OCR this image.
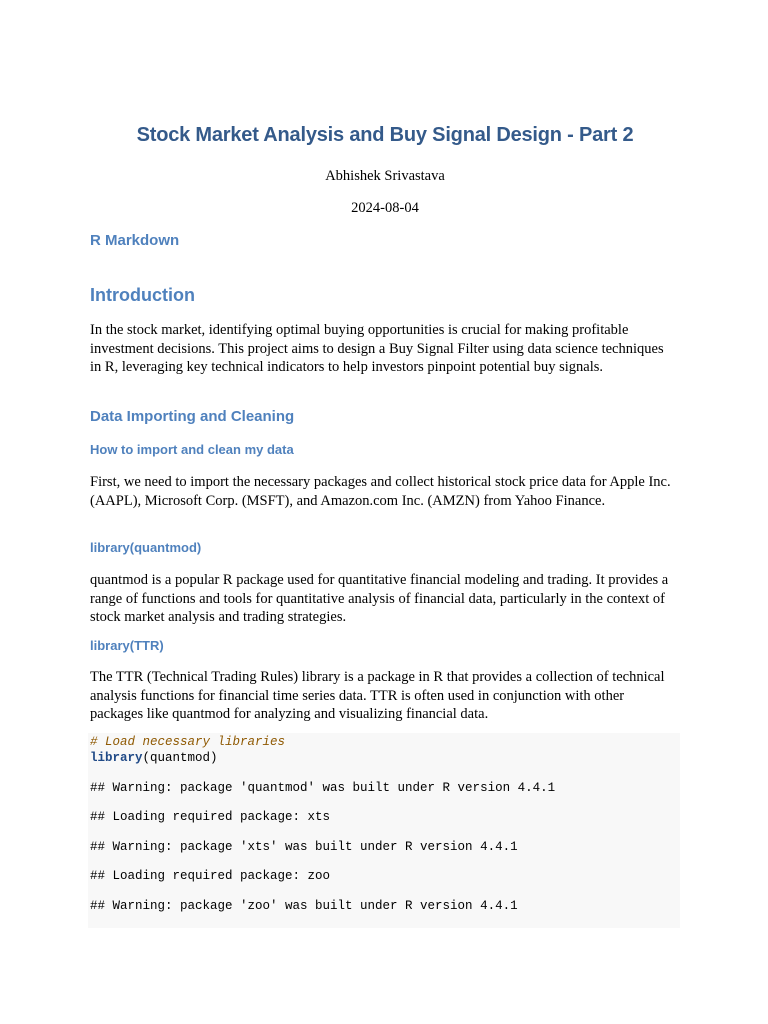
Stock Market Analysis and Buy Signal Design - Part 2
Abhishek Srivastava
2024-08-04
R Markdown
Introduction

In the stock market, identifying optimal buying opportunities is crucial for making profitable investment decisions. This project aims to design a Buy Signal Filter using data science techniques in R, leveraging key technical indicators to help investors pinpoint potential buy signals.

Data Importing and Cleaning
How to import and clean my data

First, we need to import the necessary packages and collect historical stock price data for Apple Inc. (AAPL), Microsoft Corp. (MSFT), and Amazon.com Inc. (AMZN) from Yahoo Finance.

library(quantmod)

quantmod is a popular R package used for quantitative financial modeling and trading. It provides a range of functions and tools for quantitative analysis of financial data, particularly in the context of stock market analysis and trading strategies.

library(TTR)

The TTR (Technical Trading Rules) library is a package in R that provides a collection of technical analysis functions for financial time series data. TTR is often used in conjunction with other packages like quantmod for analyzing and visualizing financial data.

# Load necessary libraries
library(quantmod)
## Warning: package 'quantmod' was built under R version 4.4.1
## Loading required package: xts
## Warning: package 'xts' was built under R version 4.4.1
## Loading required package: zoo
## Warning: package 'zoo' was built under R version 4.4.1
